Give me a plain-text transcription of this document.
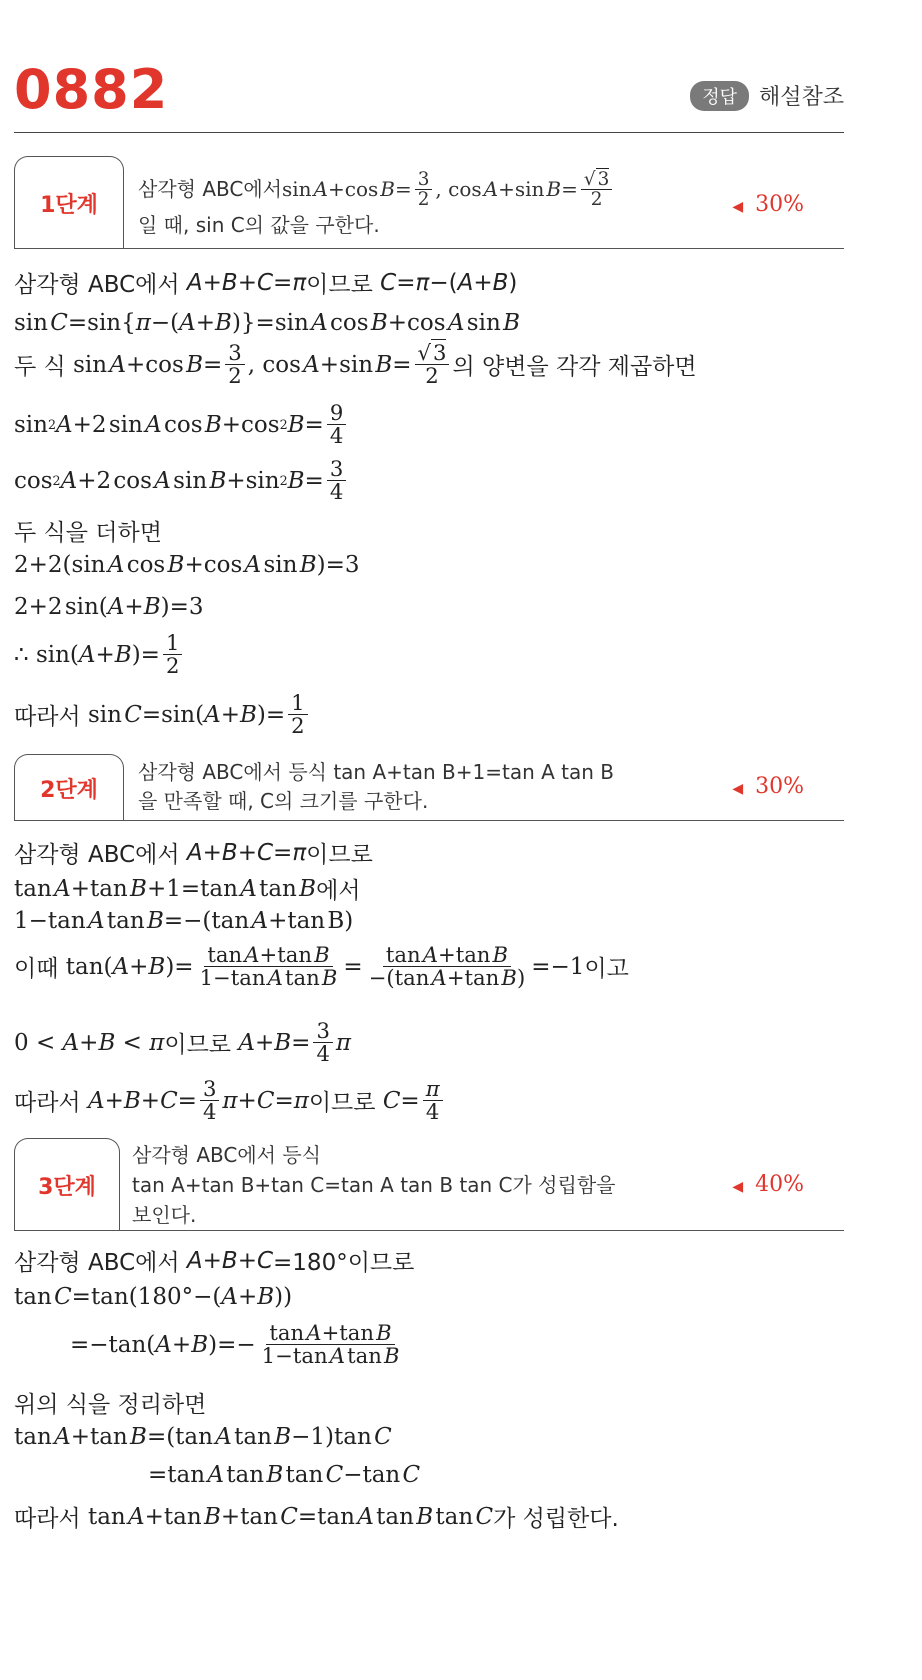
0882	정답	해설참조
1단계
삼각형 ABC에서 sin  A +cos  $B = \frac{3}{2}$ , cos  A +sin  $B = \frac{√ 3}{2}$
일 때, sin C의 값을 구한다.
◀ 30%
삼각형 ABC에서 A + B + C = π 이므로 C = π −( A + B )
sin  C =sin{ π −( A + B )}=sin  A  cos  B +cos  A  sin  B
두 식 sin  A +cos  $B = \frac{3}{2}$ , cos  A +sin  $B = \frac{√3}{2}$ 의 양변을 각각 제곱하면
sin 2 A +2 sin  A  cos  B +cos 2 $B = \frac{9}{4}$
cos 2 A +2 cos  A  sin  B +sin 2 $B = \frac{3}{4}$
두 식을 더하면
2+2(sin  A  cos  B +cos  A  sin  B )=3
2+2 sin( A + B )=3
∴ sin( A + B )= $\frac{1}{2}$
따라서 sin  C =sin( A + B )= $\frac{1}{2}$
2단계
삼각형 ABC에서 등식 tan A+tan B+1=tan A tan B
을 만족할 때, C의 크기를 구한다.	◀ 30%
삼각형 ABC에서 A + B + C = π 이므로
tan  A +tan  B +1=tan  A  tan  B 에서
1−tan  A  tan  B =−(tan  A +tan B)
이때 tan( A + B )= $\frac{\text{tan A+tan B}}{\text{1−tan A tan B}} = \frac{\text{tan A+tan B}}{\text{−(tan A+tan B)}} =-1$ 이고
0 < A + B < π 이므로 $A + B = \frac{3}{4}$ π
따라서 $A + B + C = \frac{3}{4}$ π + C = π 이므로 $C = \frac{\pi}{4}$
3단계
삼각형 ABC에서 등식
tan A+tan B+tan C=tan A tan B tan C가 성립함을
보인다.
◀ 40%
삼각형 ABC에서 A + B + C =180°이므로
tan  C =tan(180°−( A + B ))
=−tan( A + B )=− $\frac{\text{tan A+tan B}}{\text{1−tan A tan B}}$
위의 식을 정리하면
tan  A +tan  B =(tan  A  tan  B −1)tan  C
=tan  A  tan  B  tan  C −tan  C
따라서 tan  A +tan  B +tan  C =tan  A  tan  B  tan  C 가 성립한다.
